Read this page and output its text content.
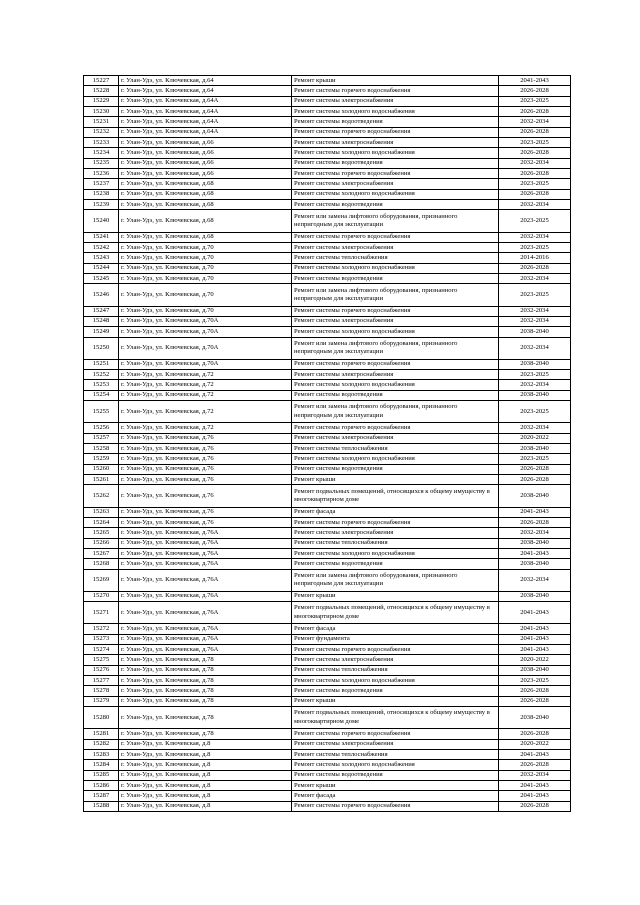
15227	г. Улан-Удэ, ул. Ключевская, д.64	Ремонт крыши	2041-2043
15228	г. Улан-Удэ, ул. Ключевская, д.64	Ремонт системы горячего водоснабжения	2026-2028
15229	г. Улан-Удэ, ул. Ключевская, д.64А	Ремонт системы электроснабжения	2023-2025
15230	г. Улан-Удэ, ул. Ключевская, д.64А	Ремонт системы холодного водоснабжения	2026-2028
15231	г. Улан-Удэ, ул. Ключевская, д.64А	Ремонт системы водоотведения	2032-2034
15232	г. Улан-Удэ, ул. Ключевская, д.64А	Ремонт системы горячего водоснабжения	2026-2028
15233	г. Улан-Удэ, ул. Ключевская, д.66	Ремонт системы электроснабжения	2023-2025
15234	г. Улан-Удэ, ул. Ключевская, д.66	Ремонт системы холодного водоснабжения	2026-2028
15235	г. Улан-Удэ, ул. Ключевская, д.66	Ремонт системы водоотведения	2032-2034
15236	г. Улан-Удэ, ул. Ключевская, д.66	Ремонт системы горячего водоснабжения	2026-2028
15237	г. Улан-Удэ, ул. Ключевская, д.68	Ремонт системы электроснабжения	2023-2025
15238	г. Улан-Удэ, ул. Ключевская, д.68	Ремонт системы холодного водоснабжения	2026-2028
15239	г. Улан-Удэ, ул. Ключевская, д.68	Ремонт системы водоотведения	2032-2034
15240	г. Улан-Удэ, ул. Ключевская, д.68	Ремонт или замена лифтового оборудования, признанного непригодным для эксплуатации	2023-2025
15241	г. Улан-Удэ, ул. Ключевская, д.68	Ремонт системы горячего водоснабжения	2032-2034
15242	г. Улан-Удэ, ул. Ключевская, д.70	Ремонт системы электроснабжения	2023-2025
15243	г. Улан-Удэ, ул. Ключевская, д.70	Ремонт системы теплоснабжения	2014-2016
15244	г. Улан-Удэ, ул. Ключевская, д.70	Ремонт системы холодного водоснабжения	2026-2028
15245	г. Улан-Удэ, ул. Ключевская, д.70	Ремонт системы водоотведения	2032-2034
15246	г. Улан-Удэ, ул. Ключевская, д.70	Ремонт или замена лифтового оборудования, признанного непригодным для эксплуатации	2023-2025
15247	г. Улан-Удэ, ул. Ключевская, д.70	Ремонт системы горячего водоснабжения	2032-2034
15248	г. Улан-Удэ, ул. Ключевская, д.70А	Ремонт системы электроснабжения	2032-2034
15249	г. Улан-Удэ, ул. Ключевская, д.70А	Ремонт системы холодного водоснабжения	2038-2040
15250	г. Улан-Удэ, ул. Ключевская, д.70А	Ремонт или замена лифтового оборудования, признанного непригодным для эксплуатации	2032-2034
15251	г. Улан-Удэ, ул. Ключевская, д.70А	Ремонт системы горячего водоснабжения	2038-2040
15252	г. Улан-Удэ, ул. Ключевская, д.72	Ремонт системы электроснабжения	2023-2025
15253	г. Улан-Удэ, ул. Ключевская, д.72	Ремонт системы холодного водоснабжения	2032-2034
15254	г. Улан-Удэ, ул. Ключевская, д.72	Ремонт системы водоотведения	2038-2040
15255	г. Улан-Удэ, ул. Ключевская, д.72	Ремонт или замена лифтового оборудования, признанного непригодным для эксплуатации	2023-2025
15256	г. Улан-Удэ, ул. Ключевская, д.72	Ремонт системы горячего водоснабжения	2032-2034
15257	г. Улан-Удэ, ул. Ключевская, д.76	Ремонт системы электроснабжения	2020-2022
15258	г. Улан-Удэ, ул. Ключевская, д.76	Ремонт системы теплоснабжения	2038-2040
15259	г. Улан-Удэ, ул. Ключевская, д.76	Ремонт системы холодного водоснабжения	2023-2025
15260	г. Улан-Удэ, ул. Ключевская, д.76	Ремонт системы водоотведения	2026-2028
15261	г. Улан-Удэ, ул. Ключевская, д.76	Ремонт крыши	2026-2028
15262	г. Улан-Удэ, ул. Ключевская, д.76	Ремонт подвальных помещений, относящихся к общему имуществу в многоквартирном доме	2038-2040
15263	г. Улан-Удэ, ул. Ключевская, д.76	Ремонт фасада	2041-2043
15264	г. Улан-Удэ, ул. Ключевская, д.76	Ремонт системы горячего водоснабжения	2026-2028
15265	г. Улан-Удэ, ул. Ключевская, д.76А	Ремонт системы электроснабжения	2032-2034
15266	г. Улан-Удэ, ул. Ключевская, д.76А	Ремонт системы теплоснабжения	2038-2040
15267	г. Улан-Удэ, ул. Ключевская, д.76А	Ремонт системы холодного водоснабжения	2041-2043
15268	г. Улан-Удэ, ул. Ключевская, д.76А	Ремонт системы водоотведения	2038-2040
15269	г. Улан-Удэ, ул. Ключевская, д.76А	Ремонт или замена лифтового оборудования, признанного непригодным для эксплуатации	2032-2034
15270	г. Улан-Удэ, ул. Ключевская, д.76А	Ремонт крыши	2038-2040
15271	г. Улан-Удэ, ул. Ключевская, д.76А	Ремонт подвальных помещений, относящихся к общему имуществу в многоквартирном доме	2041-2043
15272	г. Улан-Удэ, ул. Ключевская, д.76А	Ремонт фасада	2041-2043
15273	г. Улан-Удэ, ул. Ключевская, д.76А	Ремонт фундамента	2041-2043
15274	г. Улан-Удэ, ул. Ключевская, д.76А	Ремонт системы горячего водоснабжения	2041-2043
15275	г. Улан-Удэ, ул. Ключевская, д.78	Ремонт системы электроснабжения	2020-2022
15276	г. Улан-Удэ, ул. Ключевская, д.78	Ремонт системы теплоснабжения	2038-2040
15277	г. Улан-Удэ, ул. Ключевская, д.78	Ремонт системы холодного водоснабжения	2023-2025
15278	г. Улан-Удэ, ул. Ключевская, д.78	Ремонт системы водоотведения	2026-2028
15279	г. Улан-Удэ, ул. Ключевская, д.78	Ремонт крыши	2026-2028
15280	г. Улан-Удэ, ул. Ключевская, д.78	Ремонт подвальных помещений, относящихся к общему имуществу в многоквартирном доме	2038-2040
15281	г. Улан-Удэ, ул. Ключевская, д.78	Ремонт системы горячего водоснабжения	2026-2028
15282	г. Улан-Удэ, ул. Ключевская, д.8	Ремонт системы электроснабжения	2020-2022
15283	г. Улан-Удэ, ул. Ключевская, д.8	Ремонт системы теплоснабжения	2041-2043
15284	г. Улан-Удэ, ул. Ключевская, д.8	Ремонт системы холодного водоснабжения	2026-2028
15285	г. Улан-Удэ, ул. Ключевская, д.8	Ремонт системы водоотведения	2032-2034
15286	г. Улан-Удэ, ул. Ключевская, д.8	Ремонт крыши	2041-2043
15287	г. Улан-Удэ, ул. Ключевская, д.8	Ремонт фасада	2041-2043
15288	г. Улан-Удэ, ул. Ключевская, д.8	Ремонт системы горячего водоснабжения	2026-2028
